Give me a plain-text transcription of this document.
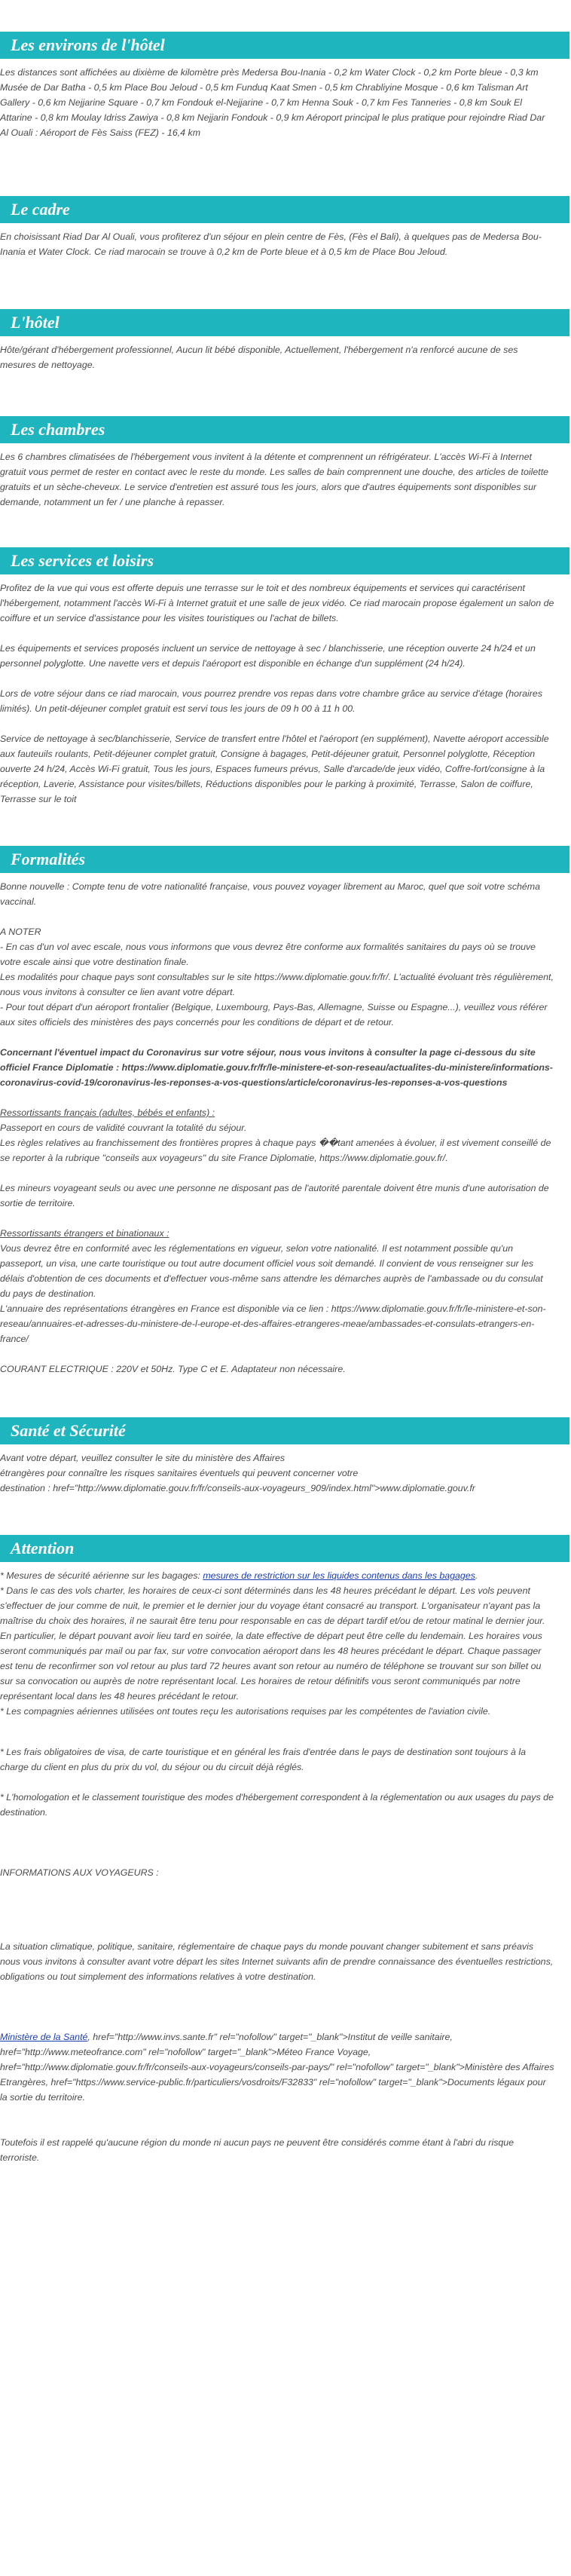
Les environs de l'hôtel
Les distances sont affichées au dixième de kilomètre près Medersa Bou-Inania - 0,2 km Water Clock - 0,2 km Porte bleue - 0,3 km Musée de Dar Batha - 0,5 km Place Bou Jeloud - 0,5 km Funduq Kaat Smen - 0,5 km Chrabliyine Mosque - 0,6 km Talisman Art Gallery - 0,6 km Nejjarine Square - 0,7 km Fondouk el-Nejjarine - 0,7 km Henna Souk - 0,7 km Fes Tanneries - 0,8 km Souk El Attarine - 0,8 km Moulay Idriss Zawiya - 0,8 km Nejjarin Fondouk - 0,9 km Aéroport principal le plus pratique pour rejoindre Riad Dar Al Ouali : Aéroport de Fès Saiss (FEZ) - 16,4 km
Le cadre
En choisissant Riad Dar Al Ouali, vous profiterez d'un séjour en plein centre de Fès, (Fès el Bali), à quelques pas de Medersa Bou-Inania et Water Clock. Ce riad marocain se trouve à 0,2 km de Porte bleue et à 0,5 km de Place Bou Jeloud.
L'hôtel
Hôte/gérant d'hébergement professionnel, Aucun lit bébé disponible, Actuellement, l'hébergement n'a renforcé aucune de ses mesures de nettoyage.
Les chambres
Les 6 chambres climatisées de l'hébergement vous invitent à la détente et comprennent un réfrigérateur. L'accès Wi-Fi à Internet gratuit vous permet de rester en contact avec le reste du monde. Les salles de bain comprennent une douche, des articles de toilette gratuits et un sèche-cheveux. Le service d'entretien est assuré tous les jours, alors que d'autres équipements sont disponibles sur demande, notamment un fer / une planche à repasser.
Les services et loisirs
Profitez de la vue qui vous est offerte depuis une terrasse sur le toit et des nombreux équipements et services qui caractérisent l'hébergement, notamment l'accès Wi-Fi à Internet gratuit et une salle de jeux vidéo. Ce riad marocain propose également un salon de coiffure et un service d'assistance pour les visites touristiques ou l'achat de billets.
Les équipements et services proposés incluent un service de nettoyage à sec / blanchisserie, une réception ouverte 24 h/24 et un personnel polyglotte. Une navette vers et depuis l'aéroport est disponible en échange d'un supplément (24 h/24).
Lors de votre séjour dans ce riad marocain, vous pourrez prendre vos repas dans votre chambre grâce au service d'étage (horaires limités). Un petit-déjeuner complet gratuit est servi tous les jours de 09 h 00 à 11 h 00.
Service de nettoyage à sec/blanchisserie, Service de transfert entre l'hôtel et l'aéroport (en supplément), Navette aéroport accessible aux fauteuils roulants, Petit-déjeuner complet gratuit, Consigne à bagages, Petit-déjeuner gratuit, Personnel polyglotte, Réception ouverte 24 h/24, Accès Wi-Fi gratuit, Tous les jours, Espaces fumeurs prévus, Salle d'arcade/de jeux vidéo, Coffre-fort/consigne à la réception, Laverie, Assistance pour visites/billets, Réductions disponibles pour le parking à proximité, Terrasse, Salon de coiffure, Terrasse sur le toit
Formalités
Bonne nouvelle : Compte tenu de votre nationalité française, vous pouvez voyager librement au Maroc, quel que soit votre schéma vaccinal.
A NOTER
- En cas d'un vol avec escale, nous vous informons que vous devrez être conforme aux formalités sanitaires du pays où se trouve votre escale ainsi que votre destination finale.
Les modalités pour chaque pays sont consultables sur le site https://www.diplomatie.gouv.fr/fr/. L'actualité évoluant très régulièrement, nous vous invitons à consulter ce lien avant votre départ.
- Pour tout départ d'un aéroport frontalier (Belgique, Luxembourg, Pays-Bas, Allemagne, Suisse ou Espagne...), veuillez vous référer aux sites officiels des ministères des pays concernés pour les conditions de départ et de retour.
Concernant l'éventuel impact du Coronavirus sur votre séjour, nous vous invitons à consulter la page ci-dessous du site officiel France Diplomatie : https://www.diplomatie.gouv.fr/fr/le-ministere-et-son-reseau/actualites-du-ministere/informations-coronavirus-covid-19/coronavirus-les-reponses-a-vos-questions/article/coronavirus-les-reponses-a-vos-questions
Ressortissants français (adultes, bébés et enfants) :
Passeport en cours de validité couvrant la totalité du séjour.
Les règles relatives au franchissement des frontières propres à chaque pays ��tant amenées à évoluer, il est vivement conseillé de se reporter à la rubrique "conseils aux voyageurs" du site France Diplomatie, https://www.diplomatie.gouv.fr/.
Les mineurs voyageant seuls ou avec une personne ne disposant pas de l'autorité parentale doivent être munis d'une autorisation de sortie de territoire.
Ressortissants étrangers et binationaux :
Vous devrez être en conformité avec les réglementations en vigueur, selon votre nationalité. Il est notamment possible qu'un passeport, un visa, une carte touristique ou tout autre document officiel vous soit demandé. Il convient de vous renseigner sur les délais d'obtention de ces documents et d'effectuer vous-même sans attendre les démarches auprès de l'ambassade ou du consulat du pays de destination.
L'annuaire des représentations étrangères en France est disponible via ce lien : https://www.diplomatie.gouv.fr/fr/le-ministere-et-son-reseau/annuaires-et-adresses-du-ministere-de-l-europe-et-des-affaires-etrangeres-meae/ambassades-et-consulats-etrangers-en-france/
COURANT ELECTRIQUE : 220V et 50Hz. Type C et E. Adaptateur non nécessaire.
Santé et Sécurité
Avant votre départ, veuillez consulter le site du ministère des Affaires
étrangères pour connaître les risques sanitaires éventuels qui peuvent concerner votre
destination : href="http://www.diplomatie.gouv.fr/fr/conseils-aux-voyageurs_909/index.html">www.diplomatie.gouv.fr
Attention
* Mesures de sécurité aérienne sur les bagages: mesures de restriction sur les liquides contenus dans les bagages.
* Dans le cas des vols charter, les horaires de ceux-ci sont déterminés dans les 48 heures précédant le départ. Les vols peuvent s'effectuer de jour comme de nuit, le premier et le dernier jour du voyage étant consacré au transport. L'organisateur n'ayant pas la maîtrise du choix des horaires, il ne saurait être tenu pour responsable en cas de départ tardif et/ou de retour matinal le dernier jour. En particulier, le départ pouvant avoir lieu tard en soirée, la date effective de départ peut être celle du lendemain. Les horaires vous seront communiqués par mail ou par fax, sur votre convocation aéroport dans les 48 heures précédant le départ. Chaque passager est tenu de reconfirmer son vol retour au plus tard 72 heures avant son retour au numéro de téléphone se trouvant sur son billet ou sur sa convocation ou auprès de notre représentant local. Les horaires de retour définitifs vous seront communiqués par notre représentant local dans les 48 heures précédant le retour.
* Les compagnies aériennes utilisées ont toutes reçu les autorisations requises par les compétentes de l'aviation civile.
* Les frais obligatoires de visa, de carte touristique et en général les frais d'entrée dans le pays de destination sont toujours à la charge du client en plus du prix du vol, du séjour ou du circuit déjà réglés.
* L'homologation et le classement touristique des modes d'hébergement correspondent à la réglementation ou aux usages du pays de destination.
INFORMATIONS AUX VOYAGEURS :
La situation climatique, politique, sanitaire, réglementaire de chaque pays du monde pouvant changer subitement et sans préavis
nous vous invitons à consulter avant votre départ les sites Internet suivants afin de prendre connaissance des éventuelles restrictions, obligations ou tout simplement des informations relatives à votre destination.
Ministère de la Santé, href="http://www.invs.sante.fr" rel="nofollow" target="_blank">Institut de veille sanitaire, href="http://www.meteofrance.com" rel="nofollow" target="_blank">Méteo France Voyage, href="http://www.diplomatie.gouv.fr/fr/conseils-aux-voyageurs/conseils-par-pays/" rel="nofollow" target="_blank">Ministère des Affaires Etrangères, href="https://www.service-public.fr/particuliers/vosdroits/F32833" rel="nofollow" target="_blank">Documents légaux pour la sortie du territoire.
Toutefois il est rappelé qu'aucune région du monde ni aucun pays ne peuvent être considérés comme étant à l'abri du risque terroriste.
